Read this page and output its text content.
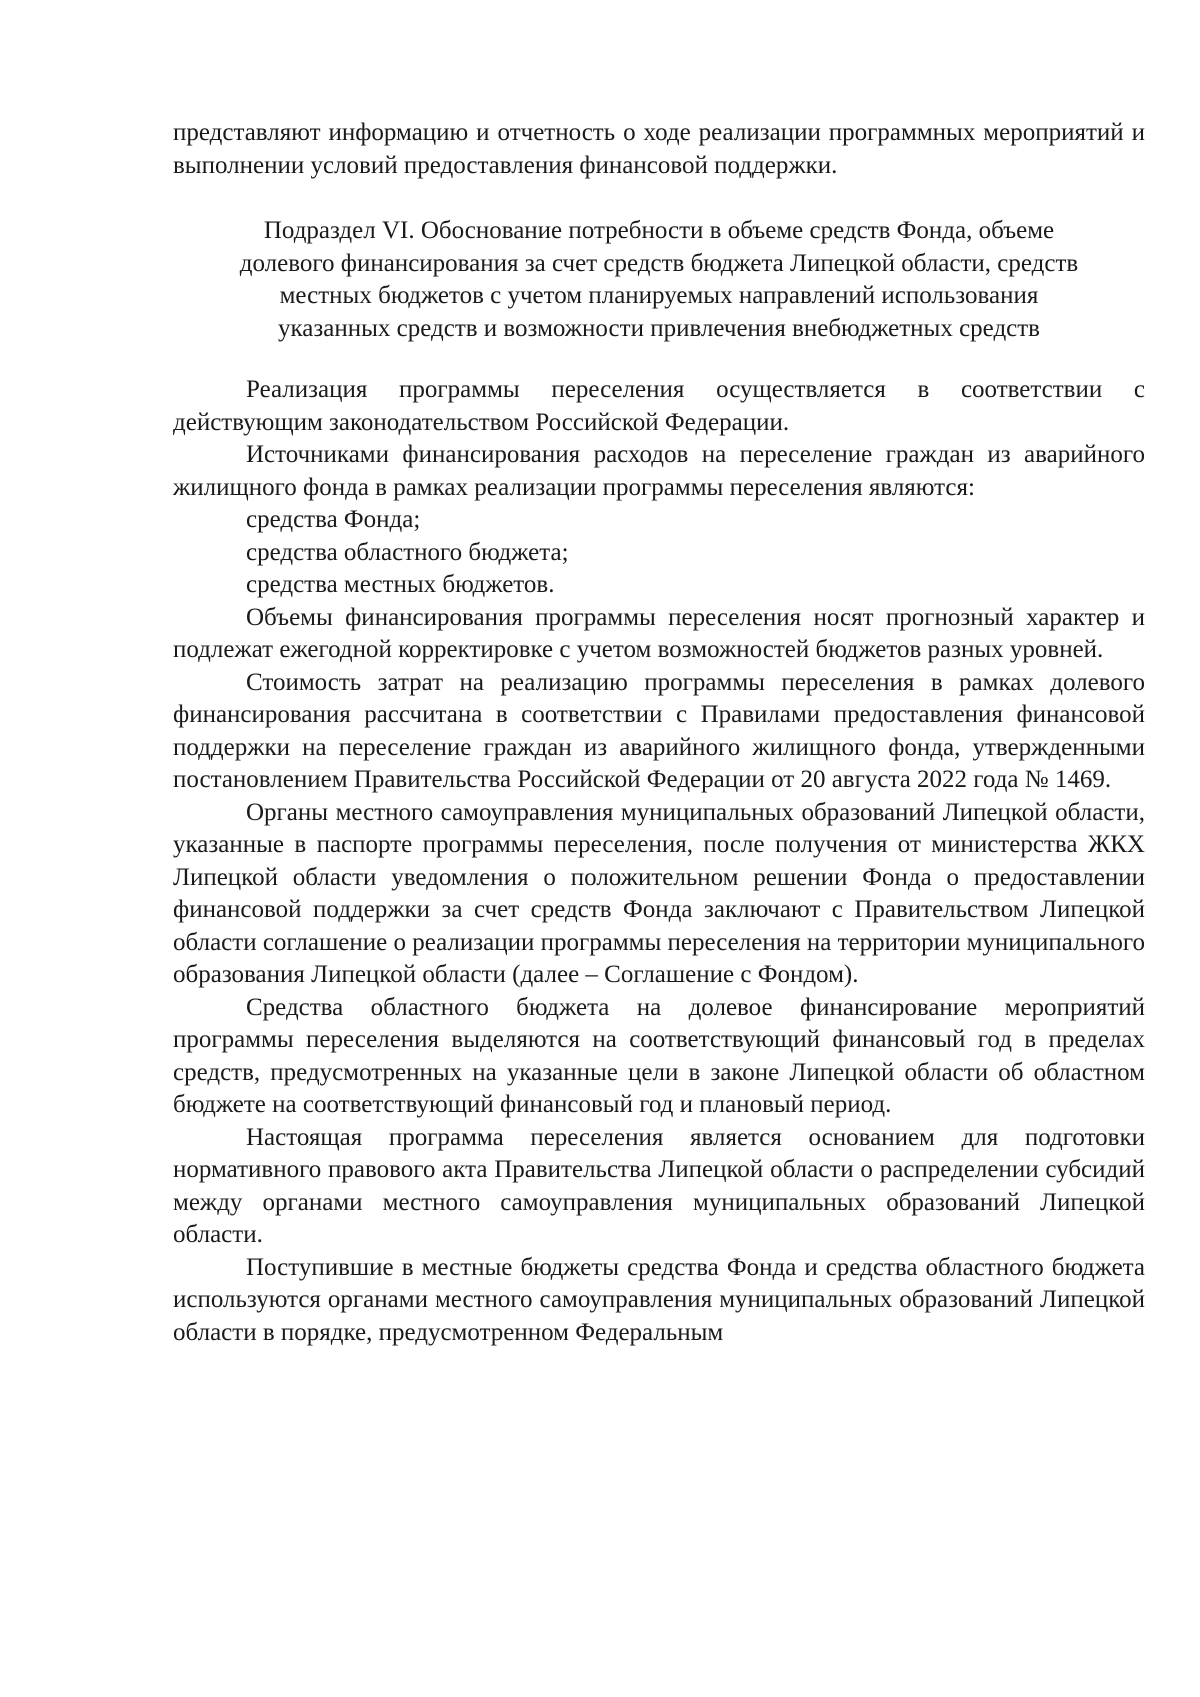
представляют информацию и отчетность о ходе реализации программных мероприятий и выполнении условий предоставления финансовой поддержки.

Подраздел VI. Обоснование потребности в объеме средств Фонда, объеме
долевого финансирования за счет средств бюджета Липецкой области, средств
местных бюджетов с учетом планируемых направлений использования
указанных средств и возможности привлечения внебюджетных средств

Реализация программы переселения осуществляется в соответствии с действующим законодательством Российской Федерации.

Источниками финансирования расходов на переселение граждан из аварийного жилищного фонда в рамках реализации программы переселения являются:

средства Фонда;

средства областного бюджета;

средства местных бюджетов.

Объемы финансирования программы переселения носят прогнозный характер и подлежат ежегодной корректировке с учетом возможностей бюджетов разных уровней.

Стоимость затрат на реализацию программы переселения в рамках долевого финансирования рассчитана в соответствии с Правилами предоставления финансовой поддержки на переселение граждан из аварийного жилищного фонда, утвержденными постановлением Правительства Российской Федерации от 20 августа 2022 года № 1469.

Органы местного самоуправления муниципальных образований Липецкой области, указанные в паспорте программы переселения, после получения от министерства ЖКХ Липецкой области уведомления о положительном решении Фонда о предоставлении финансовой поддержки за счет средств Фонда заключают с Правительством Липецкой области соглашение о реализации программы переселения на территории муниципального образования Липецкой области (далее – Соглашение с Фондом).

Средства областного бюджета на долевое финансирование мероприятий программы переселения выделяются на соответствующий финансовый год в пределах средств, предусмотренных на указанные цели в законе Липецкой области об областном бюджете на соответствующий финансовый год и плановый период.

Настоящая программа переселения является основанием для подготовки нормативного правового акта Правительства Липецкой области о распределении субсидий между органами местного самоуправления муниципальных образований Липецкой области.

Поступившие в местные бюджеты средства Фонда и средства областного бюджета используются органами местного самоуправления муниципальных образований Липецкой области в порядке, предусмотренном Федеральным
